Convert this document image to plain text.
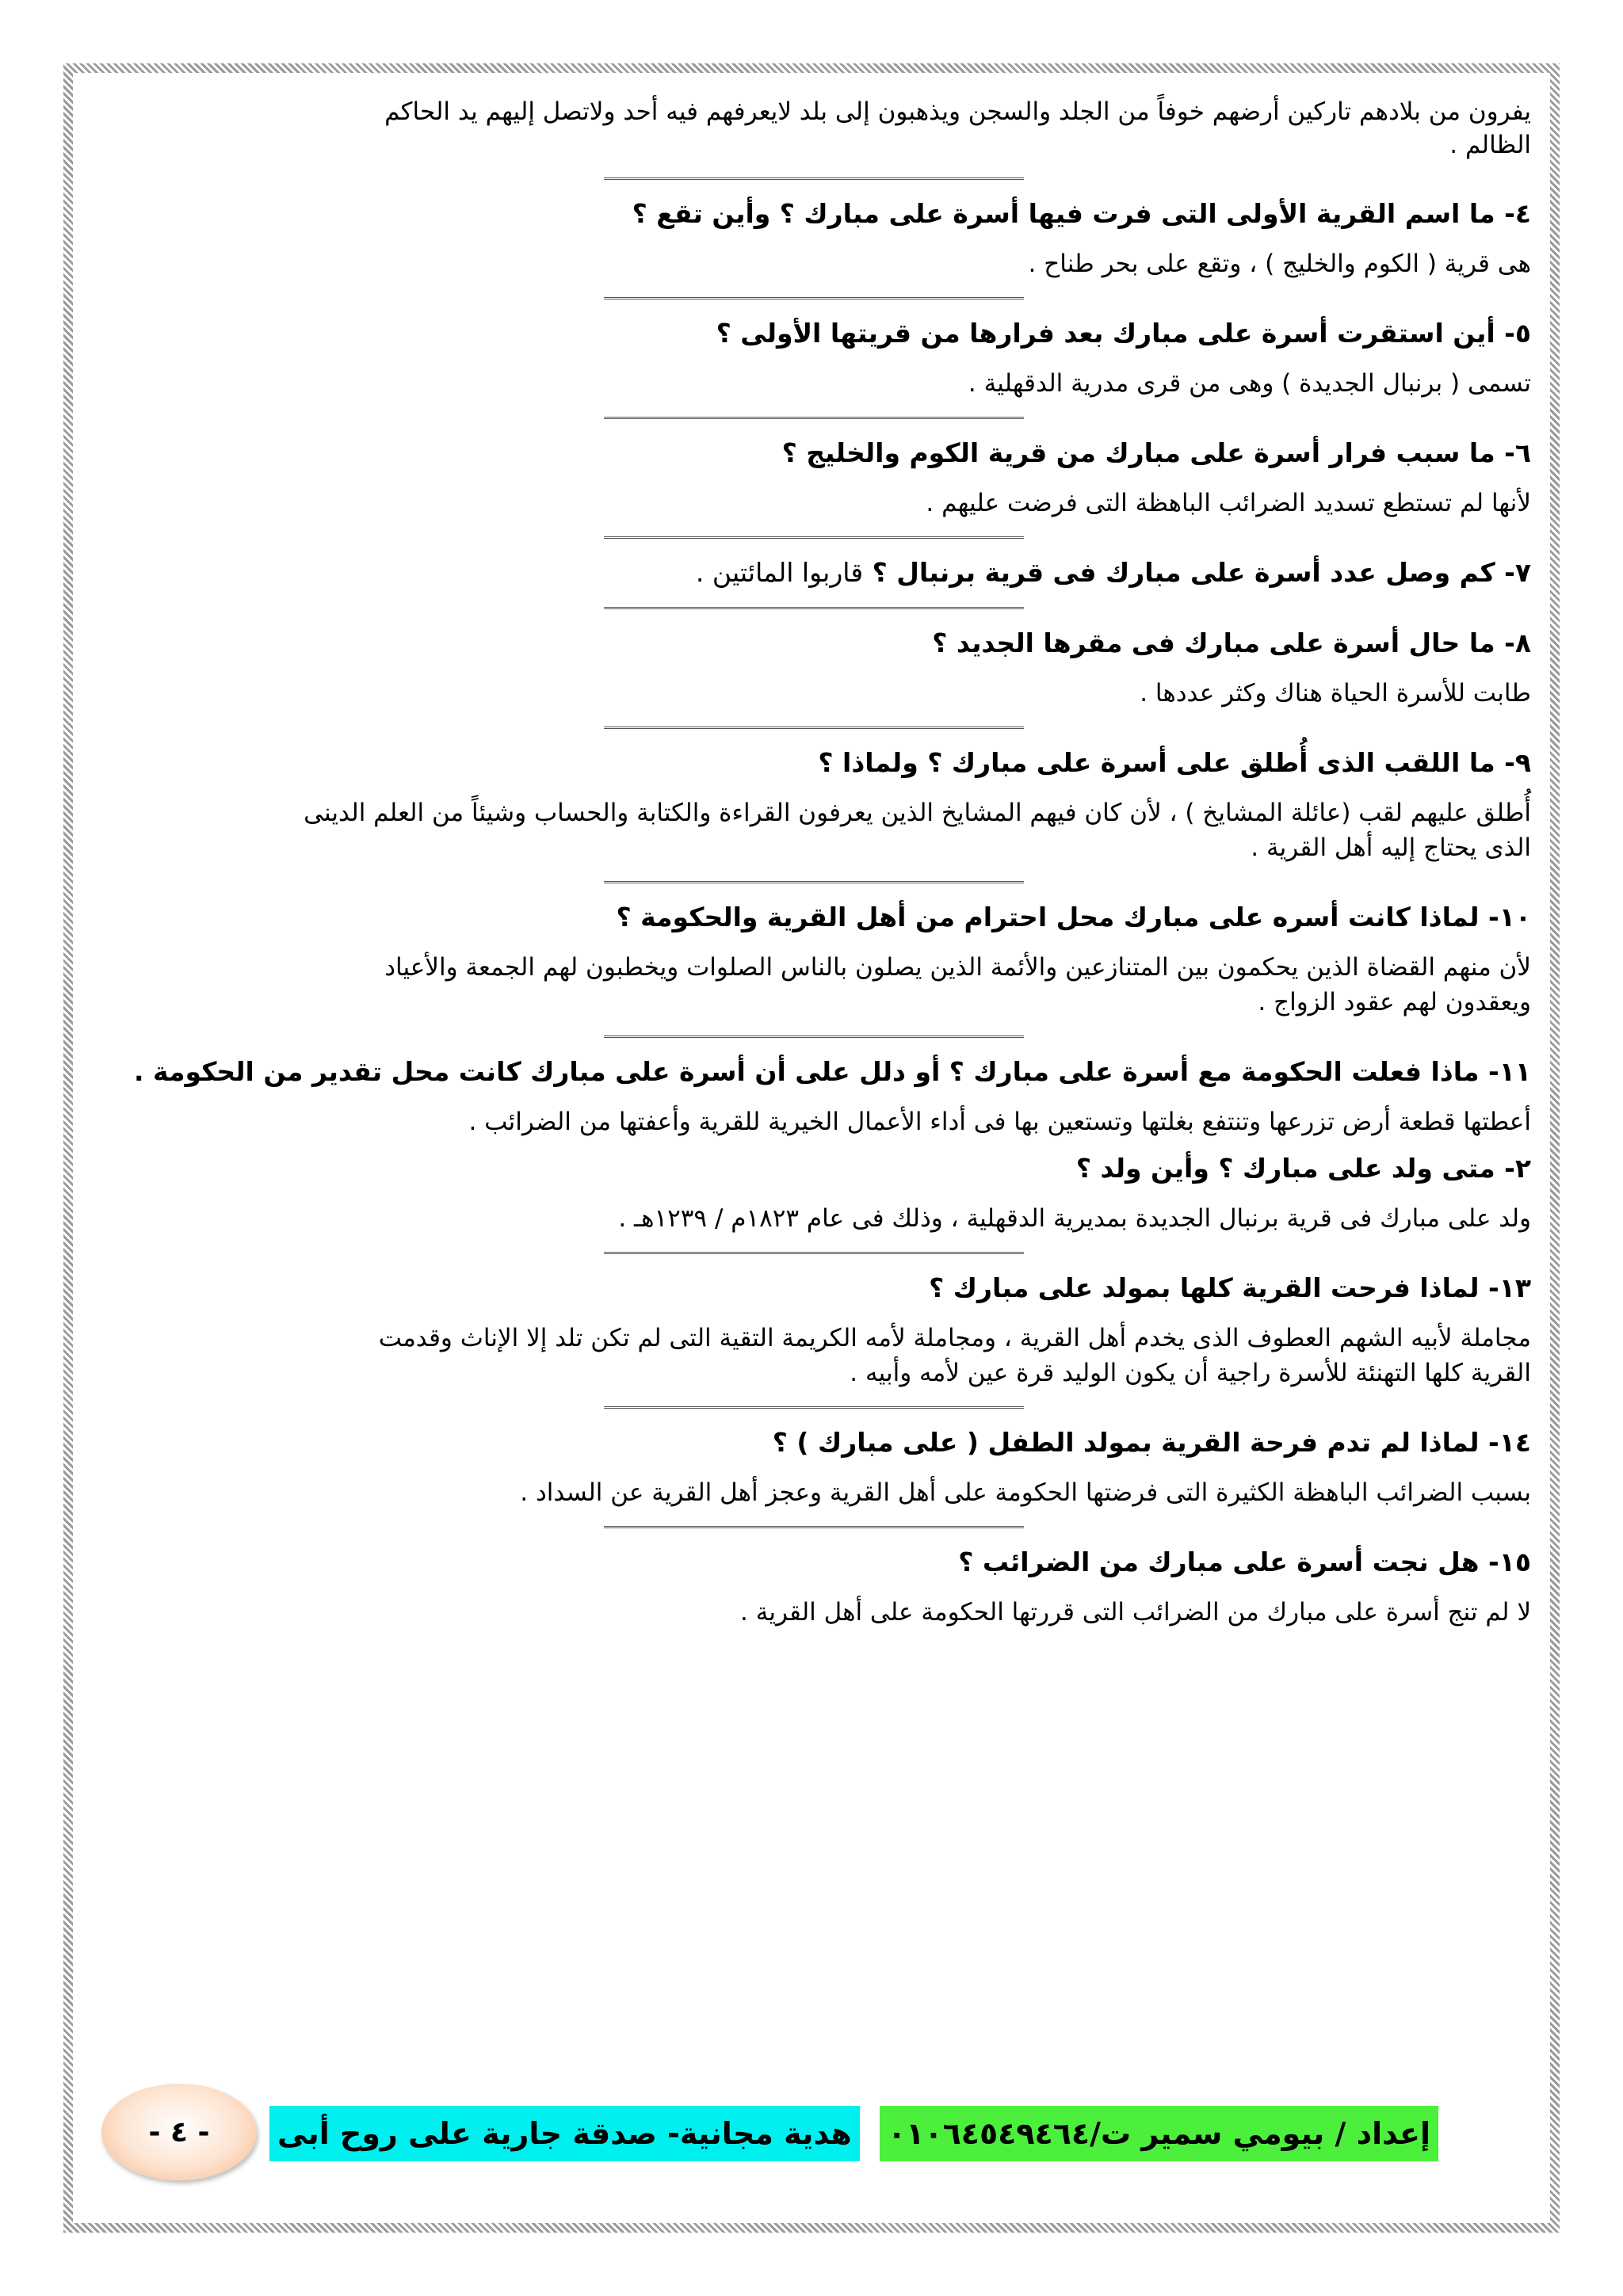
يفرون من بلادهم تاركين أرضهم خوفاً من الجلد والسجن ويذهبون إلى بلد لايعرفهم فيه أحد ولاتصل إليهم يد الحاكم
الظالم .

٤- ما اسم القرية الأولى التى فرت فيها أسرة على مبارك ؟ وأين تقع ؟

هى قرية ( الكوم والخليج ) ، وتقع على بحر طناح .

٥- أين استقرت أسرة على مبارك بعد فرارها من قريتها الأولى ؟

تسمى ( برنبال الجديدة ) وهى من قرى مدرية الدقهلية .

٦- ما سبب فرار أسرة على مبارك من قرية الكوم والخليج ؟

لأنها لم تستطع تسديد الضرائب الباهظة التى فرضت عليهم .

٧- كم وصل عدد أسرة على مبارك فى قرية برنبال ؟ قاربوا المائتين .

٨- ما حال أسرة على مبارك فى مقرها الجديد ؟

طابت للأسرة الحياة هناك وكثر عددها .

٩- ما اللقب الذى أُطلق على أسرة على مبارك ؟ ولماذا ؟

أُطلق عليهم لقب (عائلة المشايخ ) ، لأن كان فيهم المشايخ الذين يعرفون القراءة والكتابة والحساب وشيئاً من العلم الدينى
الذى يحتاج إليه أهل القرية .

١٠- لماذا كانت أسره على مبارك محل احترام من أهل القرية والحكومة ؟

لأن منهم القضاة الذين يحكمون بين المتنازعين والأئمة الذين يصلون بالناس الصلوات ويخطبون لهم الجمعة والأعياد
ويعقدون لهم عقود الزواج .

١١- ماذا فعلت الحكومة مع أسرة على مبارك ؟ أو دلل على أن أسرة على مبارك كانت محل تقدير من الحكومة .

أعطتها قطعة أرض تزرعها وتنتفع بغلتها وتستعين بها فى أداء الأعمال الخيرية للقرية وأعفتها من الضرائب .

٢- متى ولد على مبارك ؟ وأين ولد ؟

ولد على مبارك فى قرية برنبال الجديدة بمديرية الدقهلية ، وذلك فى عام ١٨٢٣م / ١٢٣٩هـ .

١٣- لماذا فرحت القرية كلها بمولد على مبارك ؟

مجاملة لأبيه الشهم العطوف الذى يخدم أهل القرية ، ومجاملة لأمه الكريمة التقية التى لم تكن تلد إلا الإناث وقدمت
القرية كلها التهنئة للأسرة راجية أن يكون الوليد قرة عين لأمه وأبيه .

١٤- لماذا لم تدم فرحة القرية بمولد الطفل ( على مبارك ) ؟

بسبب الضرائب الباهظة الكثيرة التى فرضتها الحكومة على أهل القرية وعجز أهل القرية عن السداد .

١٥- هل نجت أسرة على مبارك من الضرائب ؟

لا لم تنج أسرة على مبارك من الضرائب التى قررتها الحكومة على أهل القرية .

- ٤ - هدية مجانية- صدقة جارية على روح أبى إعداد / بيومي سمير ت/٠١٠٦٤٥٤٩٤٦٤
